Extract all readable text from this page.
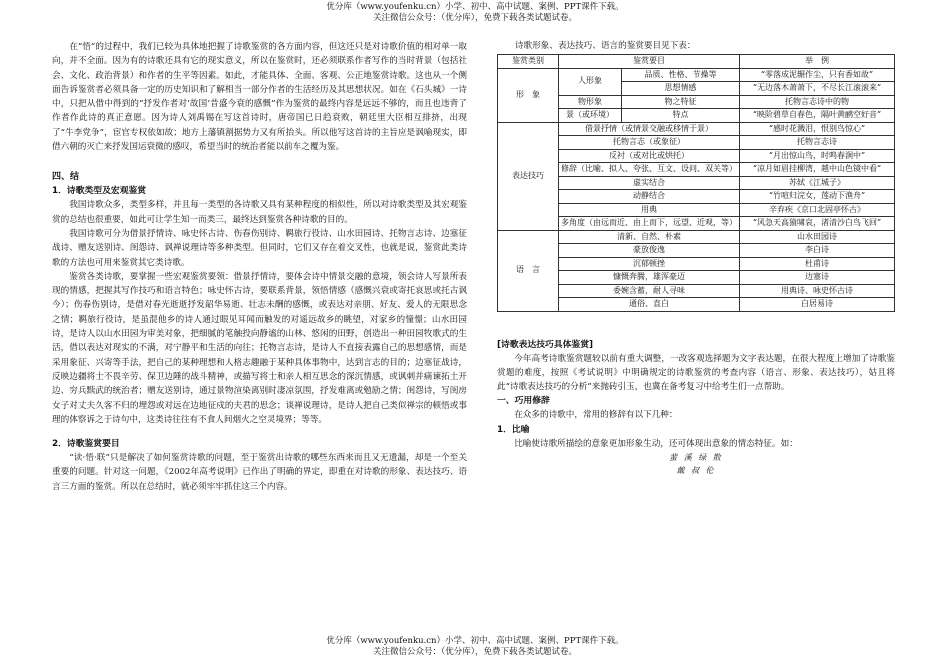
优分库（www.youfenku.cn）小学、初中、高中试题、案例、PPT课件下载。
关注微信公众号：（优分库），免费下载各类试题试卷。

在“悟”的过程中，我们已较为具体地把握了诗歌鉴赏的各方面内容，但这还只是对诗歌价值的相对单一取向，并不全面。因为有的诗歌还具有它的现实意义，所以在鉴赏时，还必须联系作者写作的当时背景（包括社会、文化、政治背景）和作者的生平等因素。如此，才能具体、全面、客观、公正地鉴赏诗歌。这也从一个侧面告诉鉴赏者必须具备一定的历史知识和了解相当一部分作者的生活经历及其思想状况。如在《石头城》一诗中，只把从借中得到的“抒发作者对‘故国’昔盛今衰的感慨”作为鉴赏的最终内容是远远不够的，而且也违背了作者作此诗的真正意愿。因为诗人刘禹锡在写这首诗时，唐帝国已日趋衰败，朝廷里大臣相互排挤，出现了“牛李党争”，宦官专权依如故；地方上藩镇割据势力又有所抬头。所以他写这首诗的主旨应是讽喻现实，即借六朝的灭亡来抒发国运衰微的感叹，希望当时的统治者能以前车之覆为鉴。

四、结
1．诗歌类型及宏观鉴赏

我国诗歌众多，类型多样，并且每一类型的各诗歌又具有某种程度的相似性，所以对诗歌类型及其宏观鉴赏的总结也很重要，如此可让学生知一而类三，最终达到鉴赏各种诗歌的目的。

我国诗歌可分为借景抒情诗、咏史怀古诗、伤春伤别诗、羁旅行役诗、山水田园诗、托物言志诗、边塞征战诗、赠友送别诗、闺怨诗、讽禅说理诗等多种类型。但同时，它们又存在着交叉性，也就是说，鉴赏此类诗歌的方法也可用来鉴赏其它类诗歌。

鉴赏各类诗歌，要掌握一些宏观鉴赏要领：借景抒情诗，要体会诗中情景交融的意境，领会诗人写景所表现的情感，把握其写作技巧和语言特色；咏史怀古诗，要联系背景，领悟情感（感慨兴衰或寄托哀思或托古讽今）；伤春伤别诗，是借对春光逝逝抒发韶华易逝、壮志未酬的感慨，或表达对亲朋、好友、爱人的无限思念之情；羁旅行役诗，是虽混他乡的诗人通过眼见耳闻而触发的对遥远故乡的眺望，对家乡的憧憬；山水田园诗，是诗人以山水田园为审美对象，把细腻的笔触投向静谧的山林、悠闲的田野，创造出一种田园牧歌式的生活，借以表达对现实的不满，对宁静平和生活的向往；托物言志诗，是诗人不直接表露自己的思想感情，而是采用象征、兴寄等手法，把自己的某种理想和人格志趣融于某种具体事物中，达到言志的目的；边塞征战诗，反映边疆将士不畏辛劳、保卫边陲的战斗精神，或描写将士和亲人相互思念的深沉情感，或讽刺并痛谏拓土开边、穷兵黩武的统治者；赠友送别诗，通过景物渲染离别时凄凉氛围，抒发难离或勉励之情；闺怨诗，写闺房女子对丈夫久客不归的埋怨或对远在边地征戍的夫君的思念；谈禅说理诗，是诗人把自己类似禅宗的顿悟或事理的体察诉之于诗句中，这类诗往往有不食人间烟火之空灵境界；等等。

2．诗歌鉴赏要目

“读·悟·联”只是解决了如何鉴赏诗歌的问题，至于鉴赏出诗歌的哪些东西来而且又无遗漏，却是一个至关重要的问题。针对这一问题，《2002年高考说明》已作出了明确的界定，即重在对诗歌的形象、表达技巧、语言三方面的鉴赏。所以在总结时，就必须牢牢抓住这三个内容。

诗歌形象、表达技巧、语言的鉴赏要目见下表：
鉴赏类别	鉴赏要目		举　例
形　象	人形象	品质、性格、节操等	“零落成泥辗作尘，只有香如故”
		思想情感	“无边落木萧萧下，不尽长江滚滚来”
	物形象	物之特征	托物言志诗中的物
	景（或环境）	特点	“映阶碧草自春色，隔叶黄鹂空好音”
表达技巧	借景抒情（或情景交融或移情于景）		“感时花溅泪，恨别鸟惊心”
	托物言志（或象征）		托物言志诗
	反衬（或对比或烘托）		“月出惊山鸟，时鸣春涧中”
	修辞（比喻、拟人、夸张、互文、设问、双关等）		“凉月如眉挂柳湾，越中山色镜中看”
	虚实结合		苏轼《江城子》
	动静结合		“竹喧归浣女，莲动下渔舟”
	用典		辛弃疾《京口北固亭怀古》
	多角度（由远而近、由上而下，远望、近观，等）		“风急天高猿啸哀，渚清沙白鸟飞回”
语　言	清新、自然、朴素		山水田园诗
	豪放俊逸		李白诗
	沉郁顿挫		杜甫诗
	慷慨奔腾，雄浑豪迈		边塞诗
	委婉含蓄，耐人寻味		用典诗、咏史怀古诗
	通俗、直白		白居易诗
[诗歌表达技巧具体鉴赏]

今年高考诗歌鉴赏题较以前有重大调整，一改客观选择题为文字表达题，在很大程度上增加了诗歌鉴赏题的难度，按照《考试说明》中明确规定的诗歌鉴赏的考查内容（语言、形象、表达技巧），姑且将此“诗歌表达技巧的分析”来抛砖引玉，也冀在备考复习中给考生们一点帮助。

一、巧用修辞

在众多的诗歌中，常用的修辞有以下几种：

1．比喻

比喻使诗歌所描绘的意象更加形象生动，还可体现出意象的情态特征。如：

蜚 溪 绿 散
戴 叔 伦
优分库（www.youfenku.cn）小学、初中、高中试题、案例、PPT课件下载。
关注微信公众号：（优分库），免费下载各类试题试卷。
